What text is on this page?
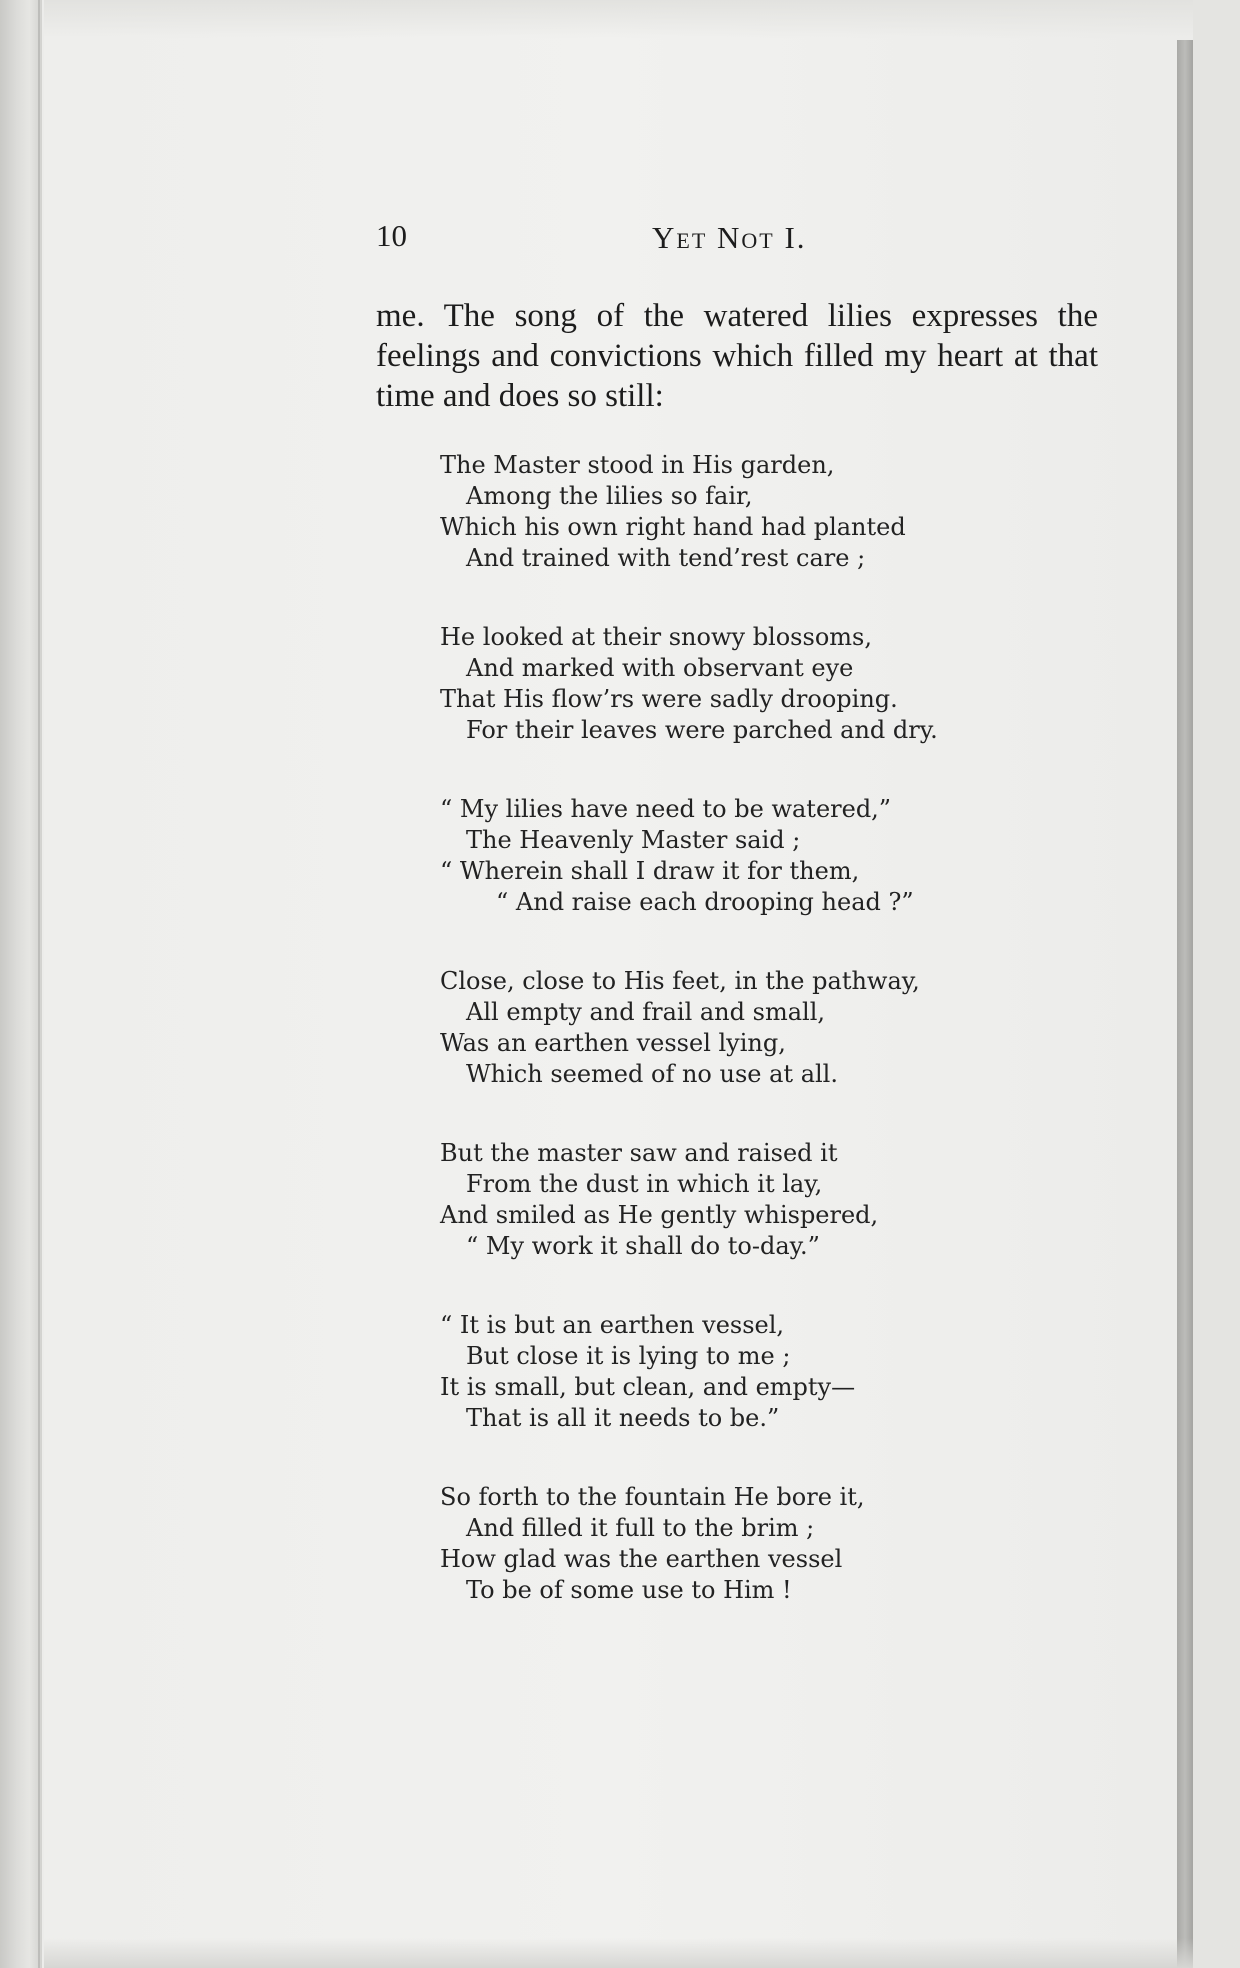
10	Yet Not I.

me. The song of the watered lilies expresses the feelings and convictions which filled my heart at that time and does so still:

The Master stood in His garden,
Among the lilies so fair,
Which his own right hand had planted
And trained with tend’rest care ;
He looked at their snowy blossoms,
And marked with observant eye
That His flow’rs were sadly drooping.
For their leaves were parched and dry.
“ My lilies have need to be watered,”
The Heavenly Master said ;
“ Wherein shall I draw it for them,
“ And raise each drooping head ?”
Close, close to His feet, in the pathway,
All empty and frail and small,
Was an earthen vessel lying,
Which seemed of no use at all.
But the master saw and raised it
From the dust in which it lay,
And smiled as He gently whispered,
“ My work it shall do to-day.”
“ It is but an earthen vessel,
But close it is lying to me ;
It is small, but clean, and empty—
That is all it needs to be.”
So forth to the fountain He bore it,
And filled it full to the brim ;
How glad was the earthen vessel
To be of some use to Him !
